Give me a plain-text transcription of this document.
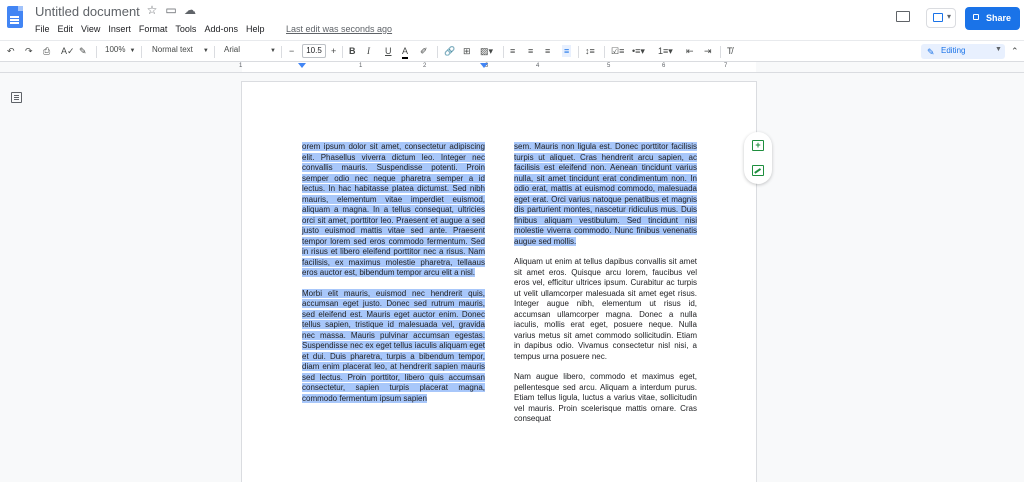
Untitled document ☆ ▭ ☁
File Edit View Insert Format Tools Add-ons Help Last edit was seconds ago
▾	Share
↶ ↷ ⎙ A✓ ✎ 100% ▼ Normal text ▼ Arial	▼ −	10.5	+ B I U A ✐ 🔗 ⊞ ▨▾ ≡ ≡ ≡ ≡ ↕≡ ☑≡ •≡▾ 1≡▾ ⇤ ⇥ T̸	✎ Editing	▼ ⌃
1	1	2	3	4	5	6	7

orem ipsum dolor sit amet, consectetur adipiscing elit. Phasellus viverra dictum leo. Integer nec convallis mauris. Suspendisse potenti. Proin semper odio nec neque pharetra semper a id lectus. In hac habitasse platea dictumst. Sed nibh mauris, elementum vitae imperdiet euismod, aliquam a magna. In a tellus consequat, ultricies orci sit amet, porttitor leo. Praesent et augue a sed justo euismod mattis vitae sed ante. Praesent tempor lorem sed eros commodo fermentum. Sed in risus et libero eleifend porttitor nec a risus. Nam facilisis, ex maximus molestie pharetra, tellaaus eros auctor est, bibendum tempor arcu elit a nisl.

Morbi elit mauris, euismod nec hendrerit quis, accumsan eget justo. Donec sed rutrum mauris, sed eleifend est. Mauris eget auctor enim. Donec tellus sapien, tristique id malesuada vel, gravida nec massa. Mauris pulvinar accumsan egestas. Suspendisse nec ex eget tellus iaculis aliquam eget et dui. Duis pharetra, turpis a bibendum tempor, diam enim placerat leo, at hendrerit sapien mauris sed lectus. Proin porttitor, libero quis accumsan consectetur, sapien turpis placerat magna, commodo fermentum ipsum sapien

sem. Mauris non ligula est. Donec porttitor facilisis turpis ut aliquet. Cras hendrerit arcu sapien, ac facilisis est eleifend non. Aenean tincidunt varius nulla, sit amet tincidunt erat condimentum non. In odio erat, mattis at euismod commodo, malesuada eget erat. Orci varius natoque penatibus et magnis dis parturient montes, nascetur ridiculus mus. Duis finibus aliquam vestibulum. Sed tincidunt nisi molestie viverra commodo. Nunc finibus venenatis augue sed mollis.

Aliquam ut enim at tellus dapibus convallis sit amet sit amet eros. Quisque arcu lorem, faucibus vel eros vel, efficitur ultrices ipsum. Curabitur ac turpis ut velit ullamcorper malesuada sit amet eget risus. Integer augue nibh, elementum ut risus id, accumsan ullamcorper magna. Donec a nulla iaculis, mollis erat eget, posuere neque. Nulla varius metus sit amet commodo sollicitudin. Etiam in dapibus odio. Vivamus consectetur nisl nisi, a tempus urna posuere nec.

Nam augue libero, commodo et maximus eget, pellentesque sed arcu. Aliquam a interdum purus. Etiam tellus ligula, luctus a varius vitae, sollicitudin vel mauris. Proin scelerisque mattis ornare. Cras consequat

+
